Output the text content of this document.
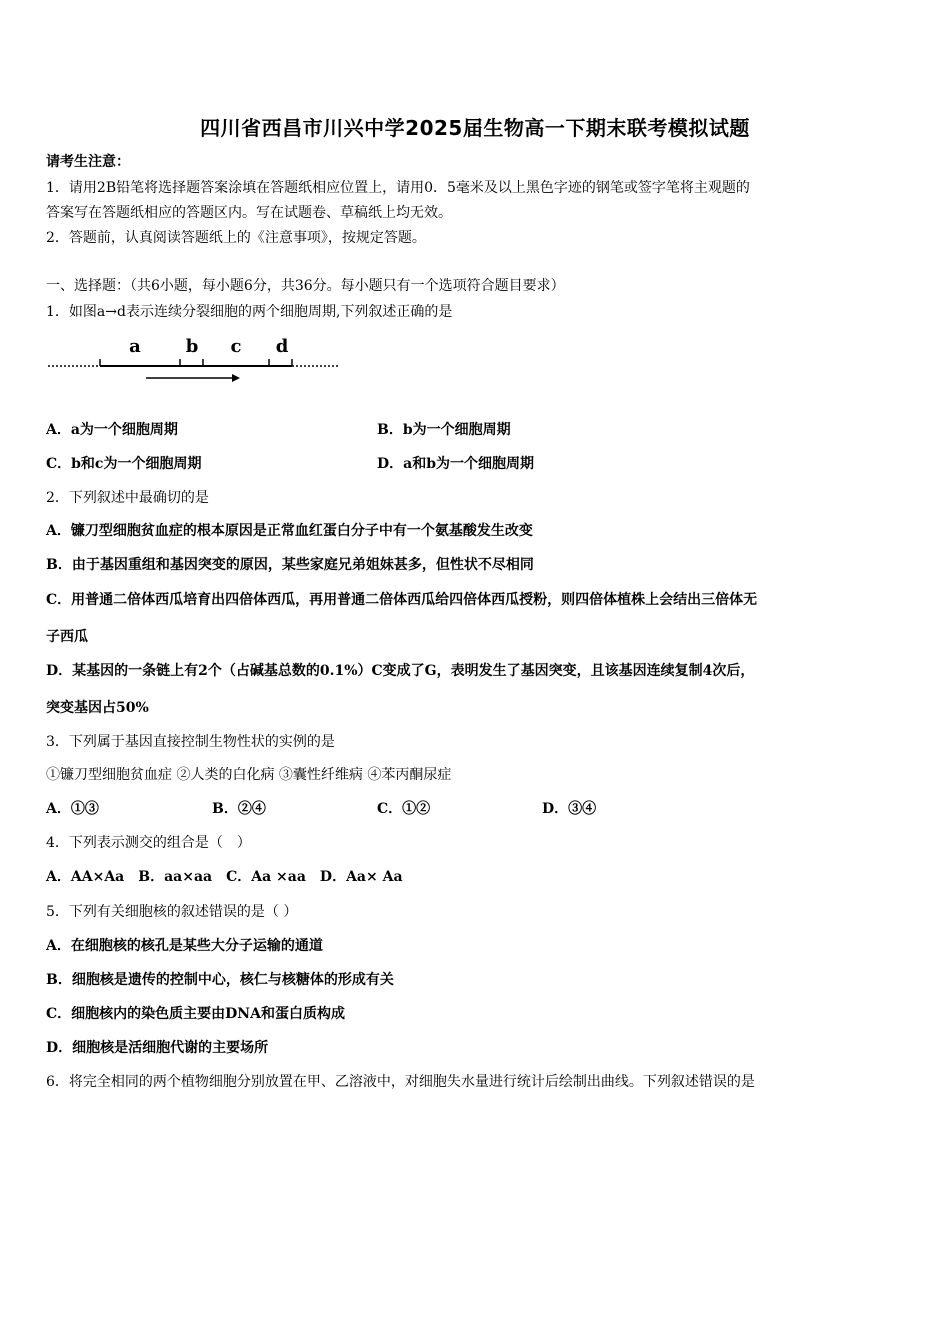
四川省西昌市川兴中学2025届生物高一下期末联考模拟试题
请考生注意：
1．请用2B铅笔将选择题答案涂填在答题纸相应位置上，请用0．5毫米及以上黑色字迹的钢笔或签字笔将主观题的
答案写在答题纸相应的答题区内。写在试题卷、草稿纸上均无效。
2．答题前，认真阅读答题纸上的《注意事项》，按规定答题。
一、选择题：（共6小题，每小题6分，共36分。每小题只有一个选项符合题目要求）
1．如图a→d表示连续分裂细胞的两个细胞周期,下列叙述正确的是
a b c d
A．a为一个细胞周期	B．b为一个细胞周期
C．b和c为一个细胞周期	D．a和b为一个细胞周期
2．下列叙述中最确切的是
A．镰刀型细胞贫血症的根本原因是正常血红蛋白分子中有一个氨基酸发生改变
B．由于基因重组和基因突变的原因，某些家庭兄弟姐妹甚多，但性状不尽相同
C．用普通二倍体西瓜培育出四倍体西瓜，再用普通二倍体西瓜给四倍体西瓜授粉，则四倍体植株上会结出三倍体无
子西瓜
D．某基因的一条链上有2个（占碱基总数的0.1%）C变成了G，表明发生了基因突变，且该基因连续复制4次后，
突变基因占50%
3．下列属于基因直接控制生物性状的实例的是
①镰刀型细胞贫血症 ②人类的白化病 ③囊性纤维病 ④苯丙酮尿症
A．①③	B．②④	C．①②	D．③④
4．下列表示测交的组合是（　）
A．AA×Aa　B．aa×aa　C．Aa ×aa　D．Aa× Aa
5．下列有关细胞核的叙述错误的是（ ）
A．在细胞核的核孔是某些大分子运输的通道
B．细胞核是遗传的控制中心，核仁与核糖体的形成有关
C．细胞核内的染色质主要由DNA和蛋白质构成
D．细胞核是活细胞代谢的主要场所
6．将完全相同的两个植物细胞分别放置在甲、乙溶液中，对细胞失水量进行统计后绘制出曲线。下列叙述错误的是
